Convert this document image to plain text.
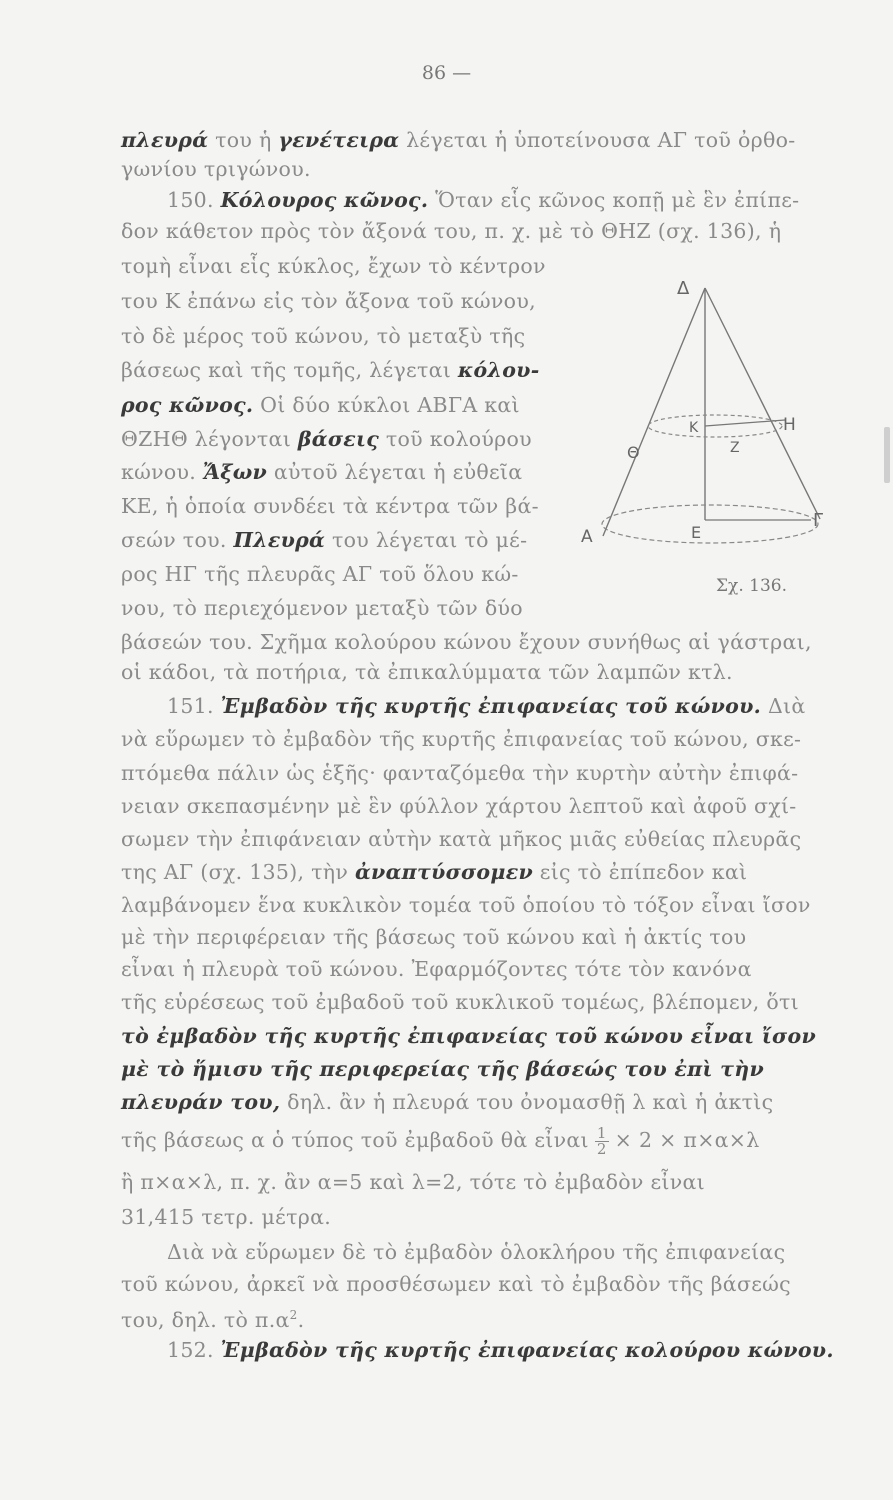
86 —
πλευρά του ἡ γενέτειρα λέγεται ἡ ὑποτείνουσα ΑΓ τοῦ ὀρθο-
γωνίου τριγώνου.
150. Κόλουρος κῶνος. Ὅταν εἷς κῶνος κοπῇ μὲ ἓν ἐπίπε-
δον κάθετον πρὸς τὸν ἄξονά του, π. χ. μὲ τὸ ΘΗΖ (σχ. 136), ἡ
τομὴ εἶναι εἷς κύκλος, ἔχων τὸ κέντρον
του Κ ἐπάνω εἰς τὸν ἄξονα τοῦ κώνου,
τὸ δὲ μέρος τοῦ κώνου, τὸ μεταξὺ τῆς
βάσεως καὶ τῆς τομῆς, λέγεται κόλου-
ρος κῶνος. Οἱ δύο κύκλοι ΑΒΓΑ καὶ
ΘΖΗΘ λέγονται βάσεις τοῦ κολούρου
κώνου. Ἄξων αὐτοῦ λέγεται ἡ εὐθεῖα
ΚΕ, ἡ ὁποία συνδέει τὰ κέντρα τῶν βά-
σεών του. Πλευρά του λέγεται τὸ μέ-
ρος ΗΓ τῆς πλευρᾶς ΑΓ τοῦ ὅλου κώ-
νου, τὸ περιεχόμενον μεταξὺ τῶν δύο
βάσεών του. Σχῆμα κολούρου κώνου ἔχουν συνήθως αἱ γάστραι,
οἱ κάδοι, τὰ ποτήρια, τὰ ἐπικαλύμματα τῶν λαμπῶν κτλ.
151. Ἐμβαδὸν τῆς κυρτῆς ἐπιφανείας τοῦ κώνου. Διὰ
νὰ εὕρωμεν τὸ ἐμβαδὸν τῆς κυρτῆς ἐπιφανείας τοῦ κώνου, σκε-
πτόμεθα πάλιν ὡς ἑξῆς· φανταζόμεθα τὴν κυρτὴν αὐτὴν ἐπιφά-
νειαν σκεπασμένην μὲ ἓν φύλλον χάρτου λεπτοῦ καὶ ἀφοῦ σχί-
σωμεν τὴν ἐπιφάνειαν αὐτὴν κατὰ μῆκος μιᾶς εὐθείας πλευρᾶς
της ΑΓ (σχ. 135), τὴν ἀναπτύσσομεν εἰς τὸ ἐπίπεδον καὶ
λαμβάνομεν ἕνα κυκλικὸν τομέα τοῦ ὁποίου τὸ τόξον εἶναι ἴσον
μὲ τὴν περιφέρειαν τῆς βάσεως τοῦ κώνου καὶ ἡ ἀκτίς του
εἶναι ἡ πλευρὰ τοῦ κώνου. Ἐφαρμόζοντες τότε τὸν κανόνα
τῆς εὑρέσεως τοῦ ἐμβαδοῦ τοῦ κυκλικοῦ τομέως, βλέπομεν, ὅτι
τὸ ἐμβαδὸν τῆς κυρτῆς ἐπιφανείας τοῦ κώνου εἶναι ἴσον
μὲ τὸ ἥμισυ τῆς περιφερείας τῆς βάσεώς του ἐπὶ τὴν
πλευράν του, δηλ. ἂν ἡ πλευρά του ὀνομασθῇ λ καὶ ἡ ἀκτὶς
τῆς βάσεως α ὁ τύπος τοῦ ἐμβαδοῦ θὰ εἶναι $\frac{1}{2} \times 2 \times \pi\times\alpha\times\lambda$
ἢ π×α×λ, π. χ. ἂν α=5 καὶ λ=2, τότε τὸ ἐμβαδὸν εἶναι
31,415 τετρ. μέτρα.
Διὰ νὰ εὕρωμεν δὲ τὸ ἐμβαδὸν ὁλοκλήρου τῆς ἐπιφανείας
τοῦ κώνου, ἀρκεῖ νὰ προσθέσωμεν καὶ τὸ ἐμβαδὸν τῆς βάσεώς
του, δηλ. τὸ $\pi.\alpha^2$.
152. Ἐμβαδὸν τῆς κυρτῆς ἐπιφανείας κολούρου κώνου.
Δ
Θ
Κ	Η
Ζ
Α	Ε
Γ
Σχ. 136.
